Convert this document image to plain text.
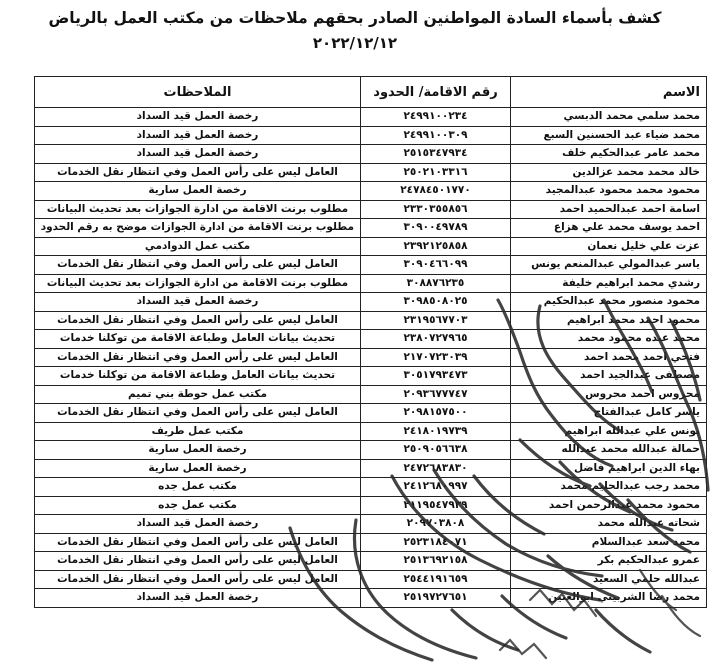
كشف بأسماء السادة المواطنين الصادر بحقهم ملاحظات من مكتب العمل بالرياض
٢٠٢٢/١٢/١٢
الاسم	رقم الاقامة/ الحدود	الملاحظات
محمد سلمي محمد الدبسي	٢٤٩٩١٠٠٢٣٤	رخصة العمل قيد السداد
محمد ضياء عبد الحسنين السبع	٢٤٩٩١٠٠٣٠٩	رخصة العمل قيد السداد
محمد عامر عبدالحكيم خلف	٢٥١٥٣٤٧٩٣٤	رخصة العمل قيد السداد
خالد محمد محمد عزالدين	٢٥٠٢١٠٣٣١٦	العامل ليس على رأس العمل وفي انتظار نقل الخدمات
محمود محمد محمود عبدالمجيد	٢٤٧٨٤٥٠١٧٧٠	رخصة العمل سارية
اسامة احمد عبدالحميد احمد	٢٣٣٠٣٥٥٨٥٦	مطلوب برنت الاقامة من ادارة الجوازات بعد تحديث البيانات
احمد يوسف محمد علي هزاع	٣٠٩٠٠٤٩٧٨٩	مطلوب برنت الاقامة من ادارة الجوازات موضح به رقم الحدود
عزت علي خليل نعمان	٢٣٩٢١٢٥٨٥٨	مكتب عمل الدوادمي
ياسر عبدالمولي عبدالمنعم يونس	٣٠٩٠٤٦٦٠٩٩	العامل ليس على رأس العمل وفي انتظار نقل الخدمات
رشدي محمد ابراهيم خليفة	٣٠٨٨٧٦٢٣٥	مطلوب برنت الاقامة من ادارة الجوازات بعد تحديث البيانات
محمود منصور محمد عبدالحكيم	٣٠٩٨٥٠٨٠٢٥	رخصة العمل قيد السداد
محمود احمد محمد ابراهيم	٢٣١٩٥٦٧٧٠٣	العامل ليس على رأس العمل وفي انتظار نقل الخدمات
محمد عبده محمود محمد	٢٣٨٠٧٢٧٩٦٥	تحديث بيانات العامل وطباعة الاقامة من توكلنا خدمات
فتحي احمد محمد احمد	٢١٧٠٧٢٣٠٣٩	العامل ليس على رأس العمل وفي انتظار نقل الخدمات
مصطفى عبدالجيد احمد	٣٠٥١٧٩٣٤٧٣	تحديث بيانات العامل وطباعة الاقامة من توكلنا خدمات
محروس احمد محروس	٢٠٩٣٦٧٧٧٤٧	مكتب عمل حوطة بني تميم
ياسر كامل عبدالفتاح	٢٠٩٨١٥٧٥٠٠	العامل ليس على رأس العمل وفي انتظار نقل الخدمات
يونس علي عبدالله ابراهيم	٢٤١٨٠١٩٧٣٩	مكتب عمل طريف
حمالة عبدالله محمد عبدالله	٢٥٠٩٠٥٦٦٣٨	رخصة العمل سارية
بهاء الدين ابراهيم فاضل	٢٤٧٢٦٨٣٨٣٠	رخصة العمل سارية
محمد رجب عبدالحليم محمد	٢٤١٢٦٨٠٩٩٧	مكتب عمل جده
محمود محمد عبدالرحمن احمد	٢١١٩٥٤٧٩٣٩	مكتب عمل جده
شحاته عبدالله محمد	٢٠٩٧٠٣٨٠٨	رخصة العمل قيد السداد
محمد سعد عبدالسلام	٢٥٢٣١٨٤٠٧١	العامل ليس على رأس العمل وفي انتظار نقل الخدمات
عمرو عبدالحكيم بكر	٢٥١٣٦٩٢١٥٨	العامل ليس على رأس العمل وفي انتظار نقل الخدمات
عبدالله حلمي السعيد	٢٥٤٤١٩١٦٥٩	العامل ليس على رأس العمل وفي انتظار نقل الخدمات
محمد رضا الشربيني ابوالعنين	٢٥١٩٧٢٧٦٥١	رخصة العمل قيد السداد
